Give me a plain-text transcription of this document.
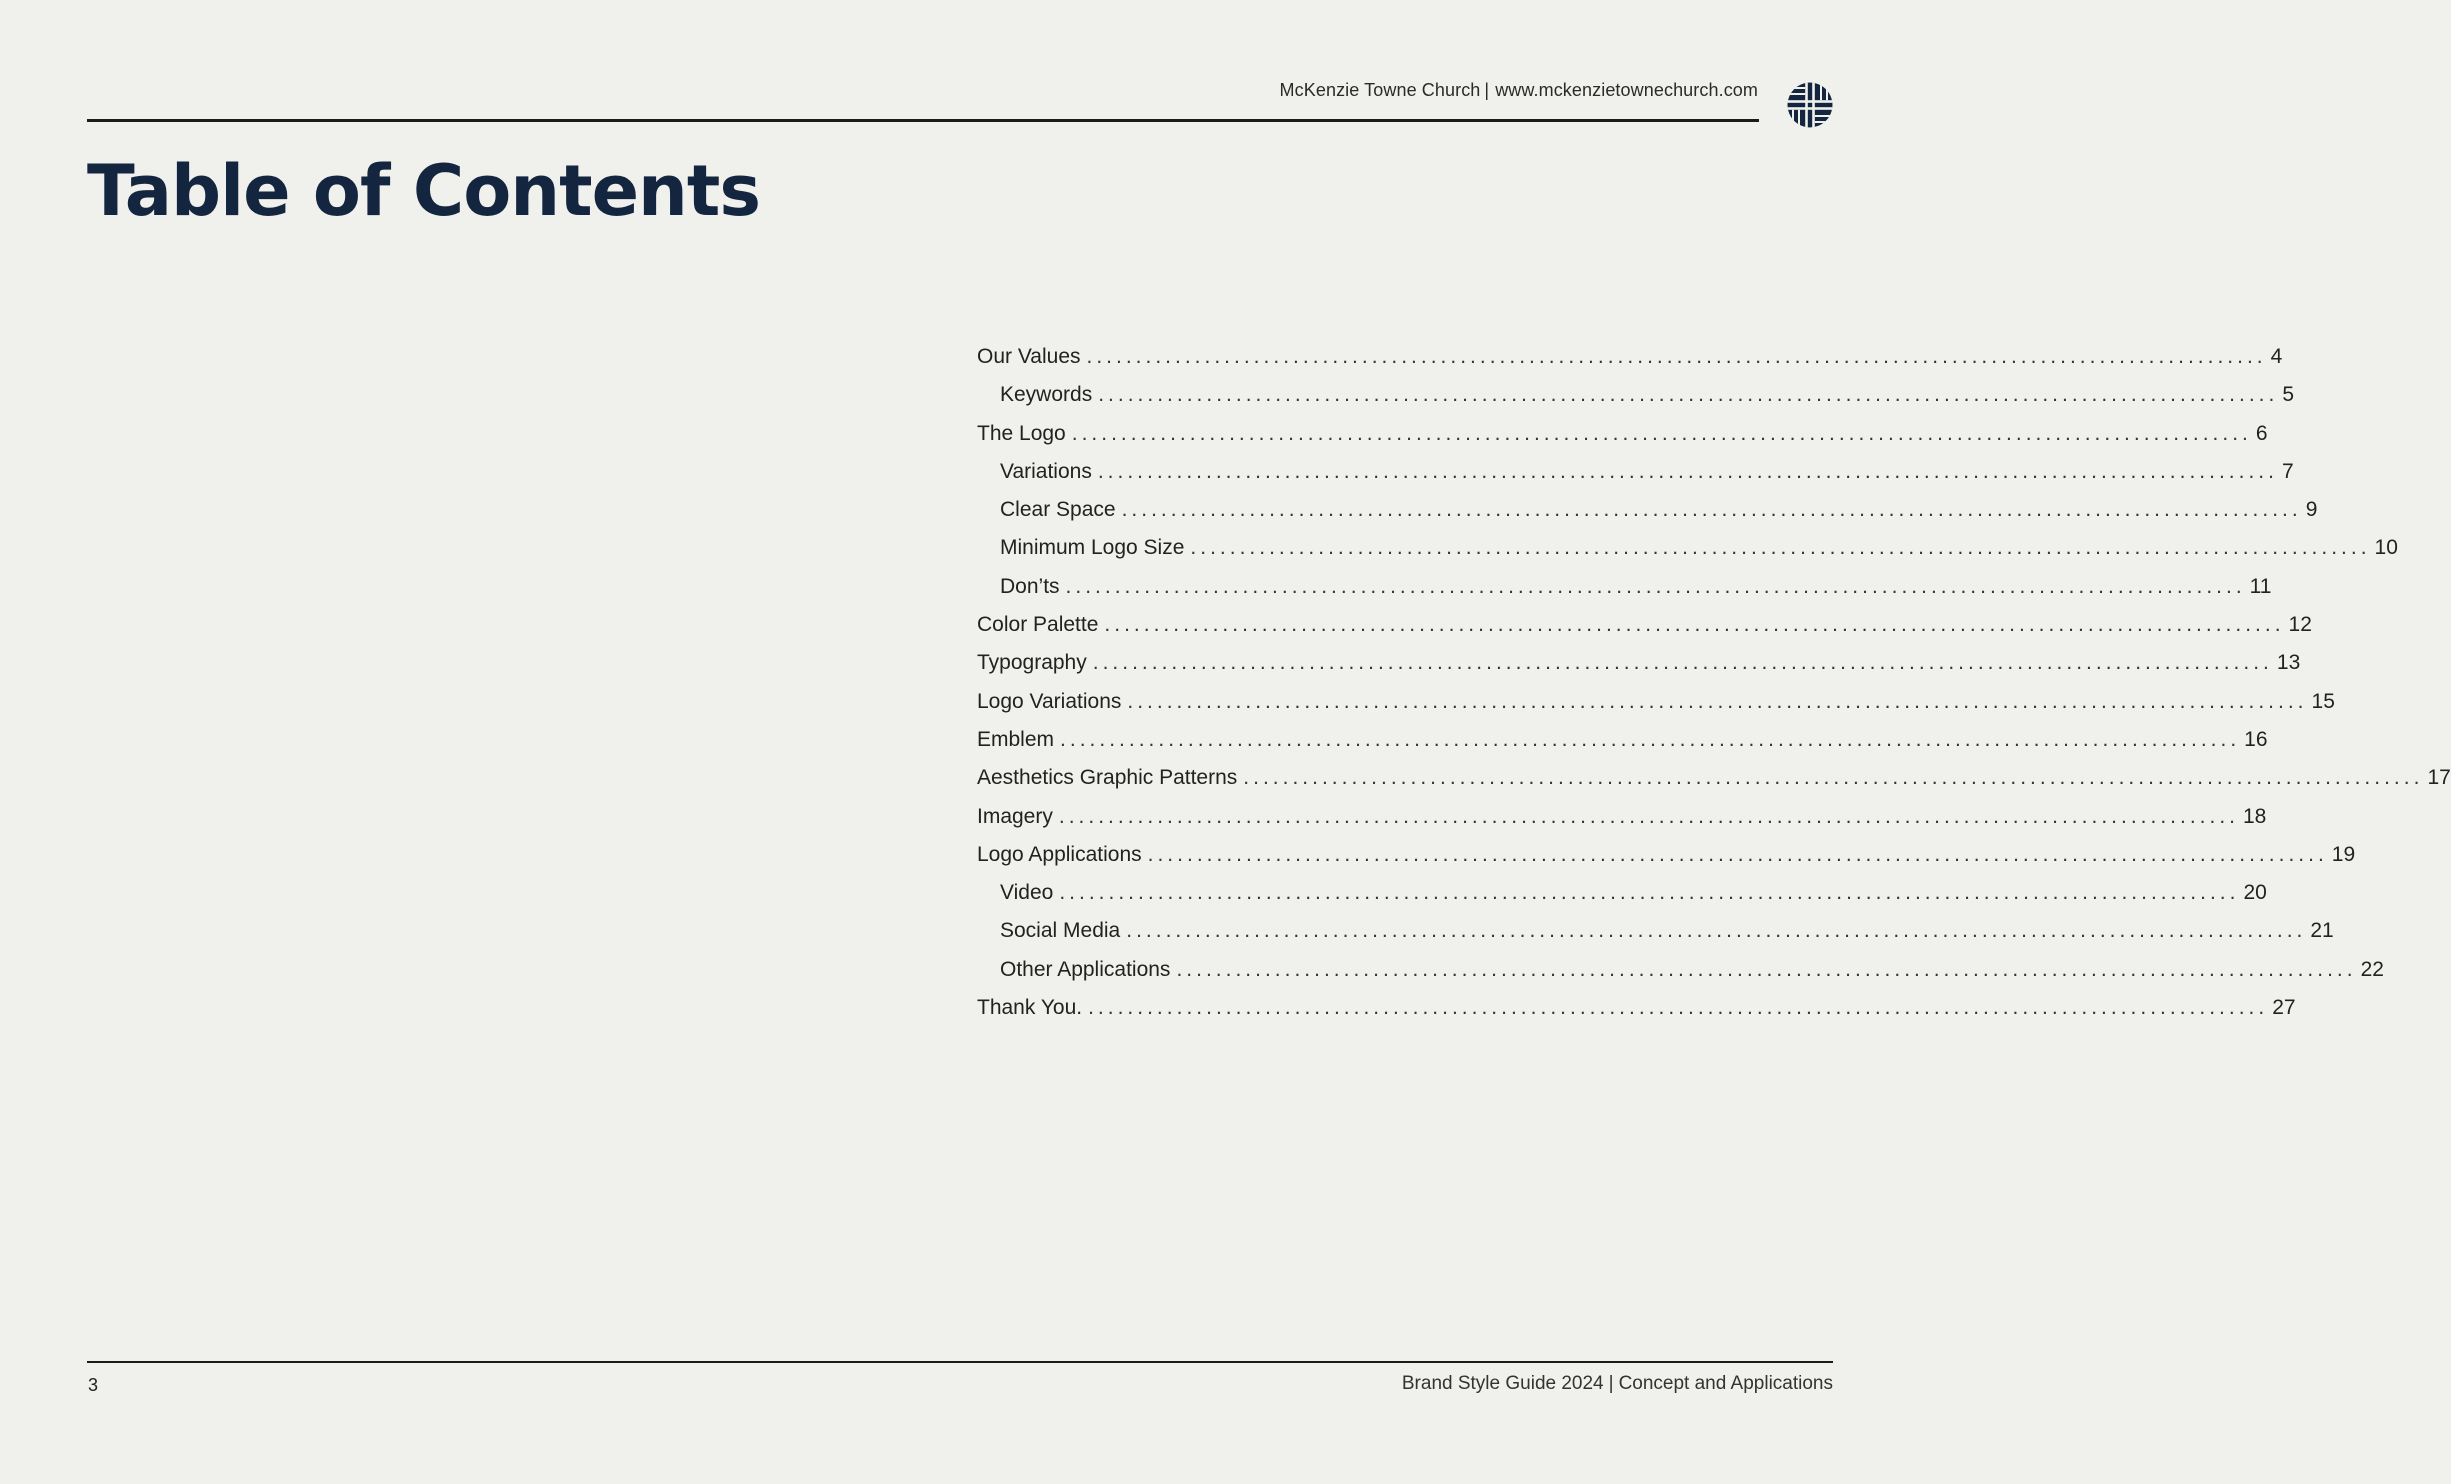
McKenzie Towne Church | www.mckenzietownechurch.com
Table of Contents
Our Values ........................................................................................................................ 4
Keywords ........................................................................................................................ 5
The Logo ........................................................................................................................ 6
Variations ........................................................................................................................ 7
Clear Space ........................................................................................................................ 9
Minimum Logo Size ........................................................................................................................ 10
Don’ts ........................................................................................................................ 11
Color Palette ........................................................................................................................ 12
Typography ........................................................................................................................ 13
Logo Variations ........................................................................................................................ 15
Emblem ........................................................................................................................ 16
Aesthetics Graphic Patterns ........................................................................................................................ 17
Imagery ........................................................................................................................ 18
Logo Applications ........................................................................................................................ 19
Video ........................................................................................................................ 20
Social Media ........................................................................................................................ 21
Other Applications ........................................................................................................................ 22
Thank You. ........................................................................................................................ 27
3	Brand Style Guide 2024 | Concept and Applications
